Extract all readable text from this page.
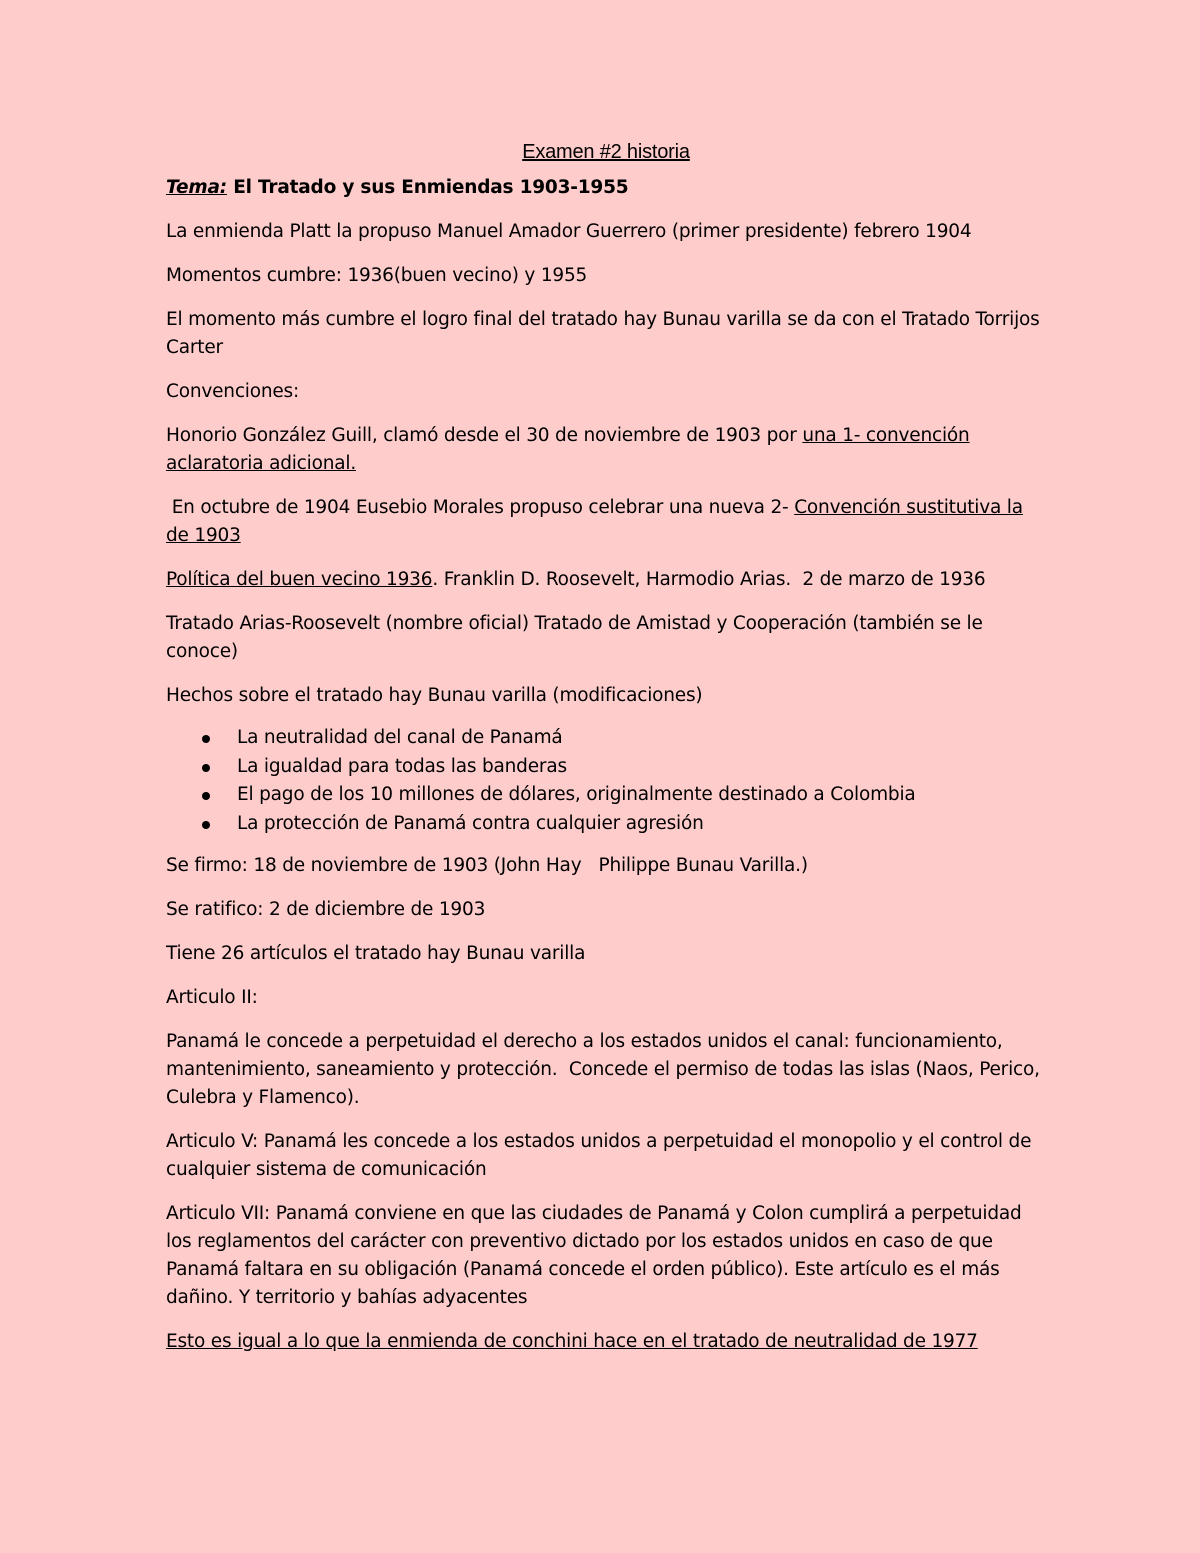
Examen #2 historia

Tema: El Tratado y sus Enmiendas 1903-1955

La enmienda Platt la propuso Manuel Amador Guerrero (primer presidente) febrero 1904

Momentos cumbre: 1936(buen vecino) y 1955

El momento más cumbre el logro final del tratado hay Bunau varilla se da con el Tratado Torrijos Carter

Convenciones:

Honorio González Guill, clamó desde el 30 de noviembre de 1903 por una 1- convención aclaratoria adicional.

En octubre de 1904 Eusebio Morales propuso celebrar una nueva 2- Convención sustitutiva la de 1903

Política del buen vecino 1936. Franklin D. Roosevelt, Harmodio Arias.  2 de marzo de 1936

Tratado Arias-Roosevelt (nombre oficial) Tratado de Amistad y Cooperación (también se le conoce)

Hechos sobre el tratado hay Bunau varilla (modificaciones)

La neutralidad del canal de Panamá
La igualdad para todas las banderas
El pago de los 10 millones de dólares, originalmente destinado a Colombia
La protección de Panamá contra cualquier agresión

Se firmo: 18 de noviembre de 1903 (John Hay   Philippe Bunau Varilla.)

Se ratifico: 2 de diciembre de 1903

Tiene 26 artículos el tratado hay Bunau varilla

Articulo II:

Panamá le concede a perpetuidad el derecho a los estados unidos el canal: funcionamiento, mantenimiento, saneamiento y protección.  Concede el permiso de todas las islas (Naos, Perico, Culebra y Flamenco).

Articulo V: Panamá les concede a los estados unidos a perpetuidad el monopolio y el control de cualquier sistema de comunicación

Articulo VII: Panamá conviene en que las ciudades de Panamá y Colon cumplirá a perpetuidad los reglamentos del carácter con preventivo dictado por los estados unidos en caso de que Panamá faltara en su obligación (Panamá concede el orden público). Este artículo es el más dañino. Y territorio y bahías adyacentes

Esto es igual a lo que la enmienda de conchini hace en el tratado de neutralidad de 1977
